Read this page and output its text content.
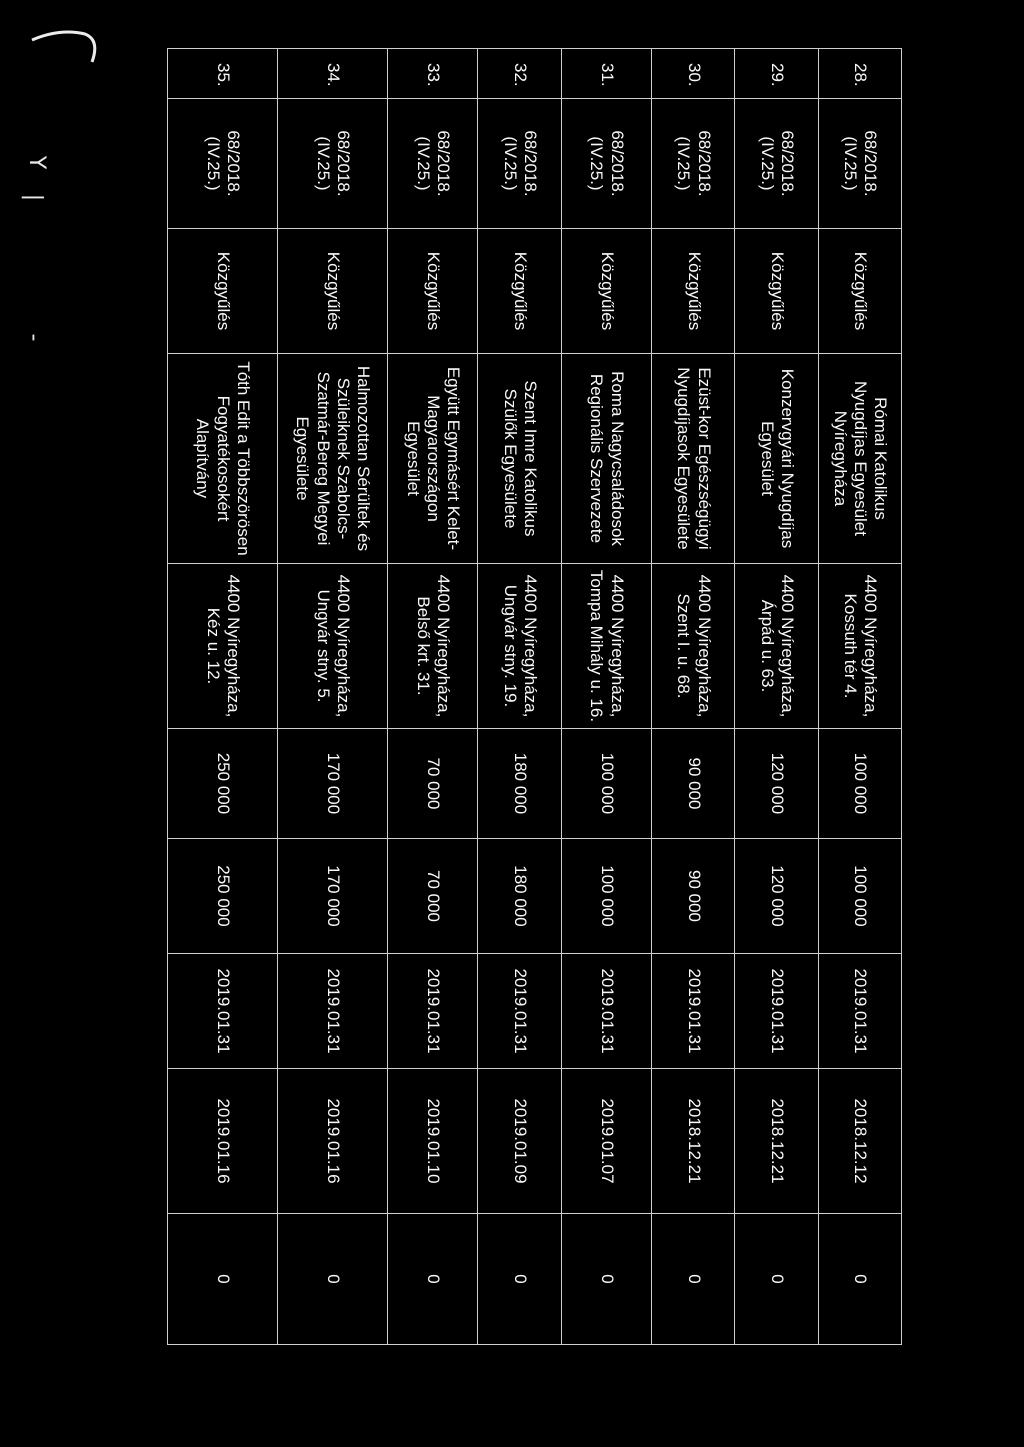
Y
|
-
28.	68/2018.
(IV.25.)	Közgyűlés	Római Katolikus Nyugdíjas Egyesület Nyíregyháza	4400 Nyíregyháza, Kossuth tér 4.	100 000	100 000	2019.01.31	2018.12.12	0
29.	68/2018.
(IV.25.)	Közgyűlés	Konzervgyári Nyugdíjas Egyesület	4400 Nyíregyháza, Árpád u. 63.	120 000	120 000	2019.01.31	2018.12.21	0
30.	68/2018.
(IV.25.)	Közgyűlés	Ezüst-kor Egészségügyi Nyugdíjasok Egyesülete	4400 Nyíregyháza, Szent I. u. 68.	90 000	90 000	2019.01.31	2018.12.21	0
31.	68/2018.
(IV.25.)	Közgyűlés	Roma Nagycsaládosok Regionális Szervezete	4400 Nyíregyháza, Tompa Mihály u. 16.	100 000	100 000	2019.01.31	2019.01.07	0
32.	68/2018.
(IV.25.)	Közgyűlés	Szent Imre Katolikus Szülők Egyesülete	4400 Nyíregyháza, Ungvár stny. 19.	180 000	180 000	2019.01.31	2019.01.09	0
33.	68/2018.
(IV.25.)	Közgyűlés	Együtt Egymásért Kelet-Magyarországon Egyesület	4400 Nyíregyháza, Belső krt. 31.	70 000	70 000	2019.01.31	2019.01.10	0
34.	68/2018.
(IV.25.)	Közgyűlés	Halmozottan Sérültek és Szüleiknek Szabolcs-Szatmár-Bereg Megyei Egyesülete	4400 Nyíregyháza, Ungvár stny. 5.	170 000	170 000	2019.01.31	2019.01.16	0
35.	68/2018.
(IV.25.)	Közgyűlés	Tóth Edit a Többszörösen Fogyatékosokért Alapítvány	4400 Nyíregyháza, Kéz u. 12.	250 000	250 000	2019.01.31	2019.01.16	0
